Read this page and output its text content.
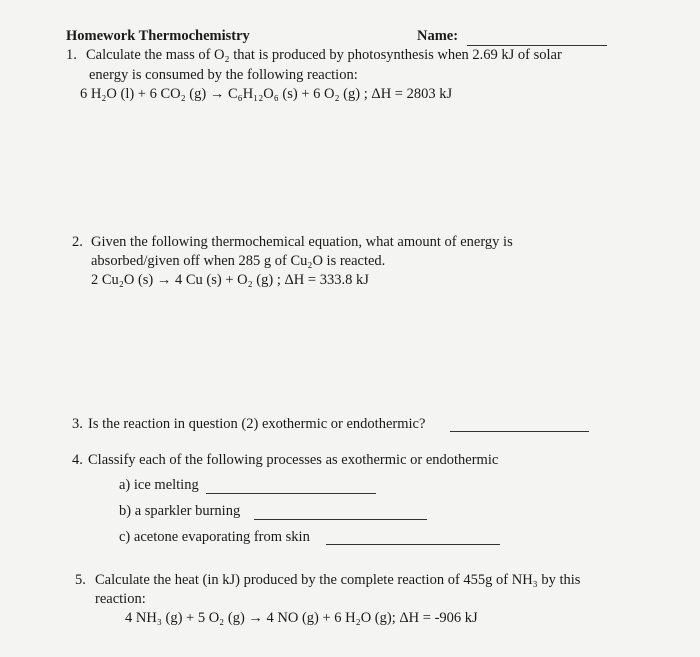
Homework Thermochemistry	Name:
1. Calculate the mass of O₂ that is produced by photosynthesis when 2.69 kJ of solar
energy is consumed by the following reaction:
6 H₂O (l) + 6 CO₂ (g) → C₆H₁₂O₆ (s) + 6 O₂ (g) ; ΔH = 2803 kJ
2. Given the following thermochemical equation, what amount of energy is
absorbed/given off when 285 g of Cu₂O is reacted.
2 Cu₂O (s) → 4 Cu (s) + O₂ (g) ; ΔH = 333.8 kJ
3. Is the reaction in question (2) exothermic or endothermic?
4. Classify each of the following processes as exothermic or endothermic
a) ice melting
b) a sparkler burning
c) acetone evaporating from skin
5. Calculate the heat (in kJ) produced by the complete reaction of 455g of NH₃ by this
reaction:
4 NH₃ (g) + 5 O₂ (g) → 4 NO (g) + 6 H₂O (g); ΔH = -906 kJ
